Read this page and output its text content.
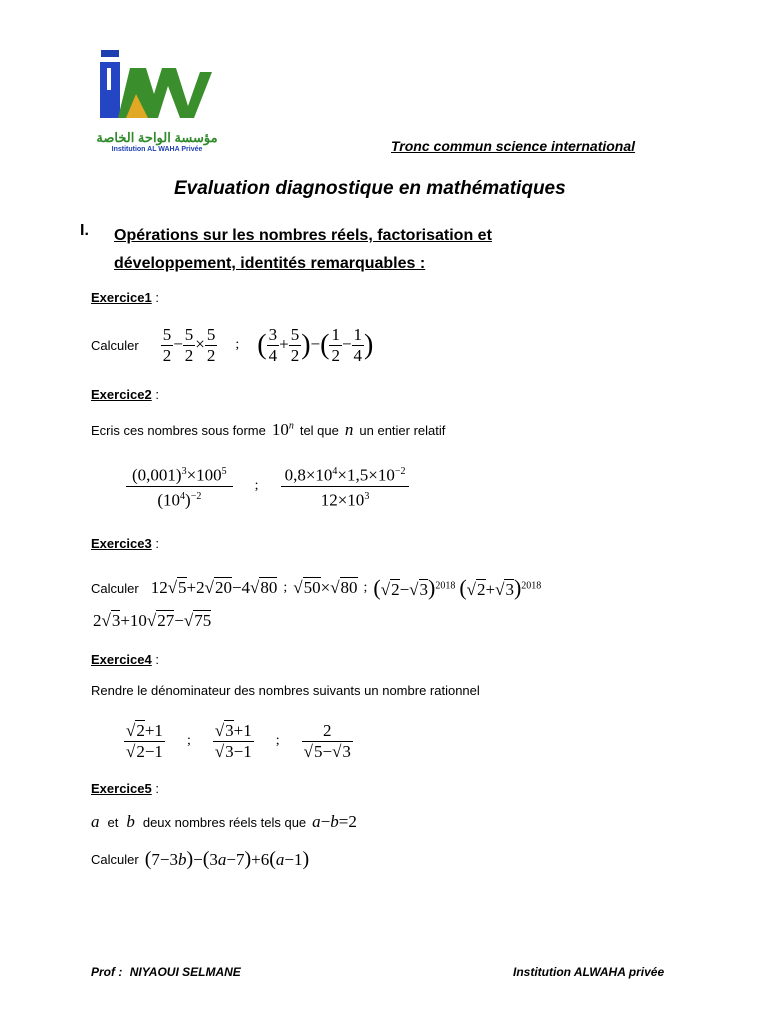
مؤسسة الواحة الخاصة
Institution AL WAHA Privée	Tronc commun science international
Evaluation diagnostique en mathématiques
I. Opérations sur les nombres réels, factorisation et
développement, identités remarquables :
Exercice1 :
Calculer $\frac{5}{2} - \frac{5}{2} \times \frac{5}{2}$ ; ( $\frac{3}{4} + \frac{5}{2}$ )−( $\frac{1}{2} - \frac{1}{4}$ )
Exercice2 :
Ecris ces nombres sous forme 10$^n$ tel que n un entier relatif
$\frac{(0,001)^3\times 100^5}{(10^4)^{-2}}$ ; $\frac{0,8\times 10^4\times 1,5\times 10^{-2}}{12\times 10^3}$
Exercice3 :
Calculer 12√5+2√20−4√80 ; √50×√80 ; $(√2-√3)^{2018}$ $(√2+√3)^{2018}$
2√3+10√27−√75
Exercice4 :
Rendre le dénominateur des nombres suivants un nombre rationnel
$\frac{√2+1}{√2-1}$ ; $\frac{√3+1}{√3-1}$ ; $\frac{2}{√5-√3}$
Exercice5 :
a et b deux nombres réels tels que a−b=2
Calculer (7−3b)−(3a−7)+6(a−1)
Prof : NIYAOUI SELMANE	Institution ALWAHA privée
